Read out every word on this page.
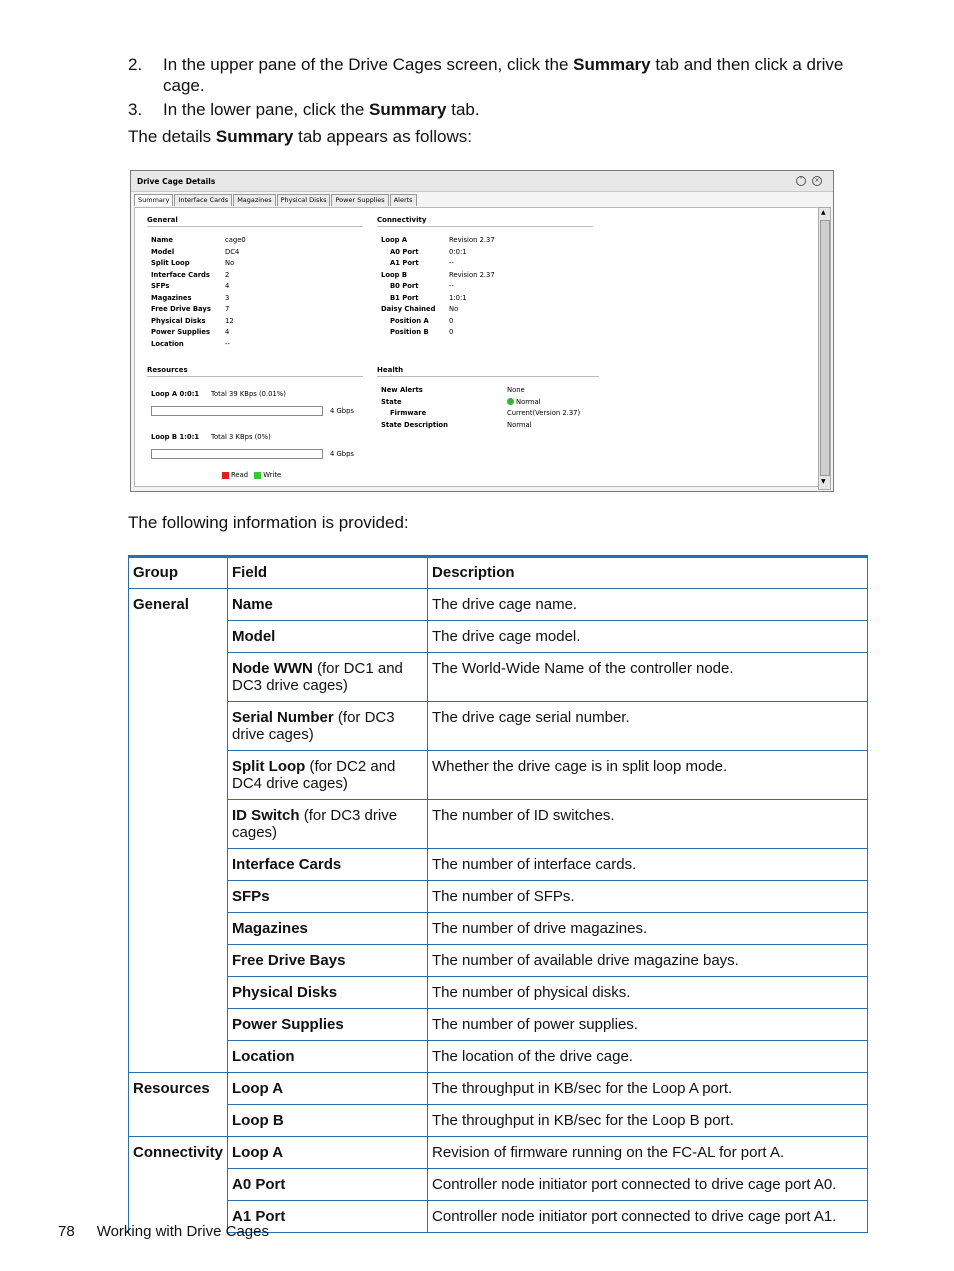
2. In the upper pane of the Drive Cages screen, click the Summary tab and then click a drive cage.
3. In the lower pane, click the Summary tab.
The details Summary tab appears as follows:
Drive Cage Details	˄	×
Summary	Interface Cards	Magazines	Physical Disks	Power Supplies	Alerts
General
Name	cage0
Model	DC4
Split Loop	No
Interface Cards 2
SFPs	4
Magazines	3
Free Drive Bays 7
Physical Disks	12
Power Supplies 4
Location	--
Connectivity
Loop A	Revision 2.37
A0 Port	0:0:1
A1 Port	--
Loop B	Revision 2.37
B0 Port	--
B1 Port	1:0:1
Daisy Chained No
Position A	0
Position B	0
Resources
Loop A 0:0:1 Total 39 KBps (0.01%)
4 Gbps
Loop B 1:0:1 Total 3 KBps (0%)
4 Gbps
Read Write
Health
New Alerts	None
State	Normal
Firmware	Current(Version 2.37)
State Description	Normal
▲
▼
The following information is provided:
Group	Field	Description
General	Name	The drive cage name.
	Model	The drive cage model.
	Node WWN (for DC1 and DC3 drive cages)	The World-Wide Name of the controller node.
	Serial Number (for DC3 drive cages)	The drive cage serial number.
	Split Loop (for DC2 and DC4 drive cages)	Whether the drive cage is in split loop mode.
	ID Switch (for DC3 drive cages)	The number of ID switches.
	Interface Cards	The number of interface cards.
	SFPs	The number of SFPs.
	Magazines	The number of drive magazines.
	Free Drive Bays	The number of available drive magazine bays.
	Physical Disks	The number of physical disks.
	Power Supplies	The number of power supplies.
	Location	The location of the drive cage.
Resources	Loop A	The throughput in KB/sec for the Loop A port.
	Loop B	The throughput in KB/sec for the Loop B port.
Connectivity	Loop A	Revision of firmware running on the FC-AL for port A.
	A0 Port	Controller node initiator port connected to drive cage port A0.
	A1 Port	Controller node initiator port connected to drive cage port A1.
78 Working with Drive Cages
